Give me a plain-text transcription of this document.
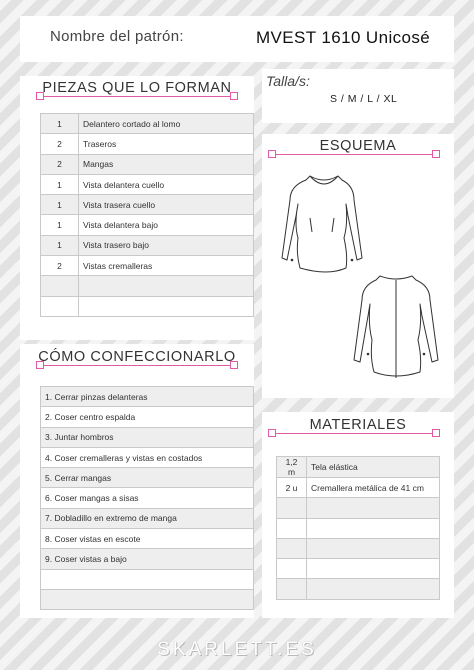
Nombre del patrón:	MVEST 1610 Unicosé
PIEZAS QUE LO FORMAN
1	Delantero cortado al lomo
2	Traseros
2	Mangas
1	Vista delantera cuello
1	Vista trasera cuello
1	Vista delantera bajo
1	Vista trasero bajo
2	Vistas cremalleras

Talla/s:
S / M / L / XL
ESQUEMA
CÓMO CONFECCIONARLO
1. Cerrar pinzas delanteras
2. Coser centro espalda
3. Juntar hombros
4. Coser cremalleras y vistas en costados
5. Cerrar mangas
6. Coser mangas a sisas
7. Dobladillo en extremo de manga
8. Coser vistas en escote
9. Coser vistas a bajo

MATERIALES
1,2 m	Tela elástica
2 u	Cremallera metálica de 41 cm

SKARLETT.ES
